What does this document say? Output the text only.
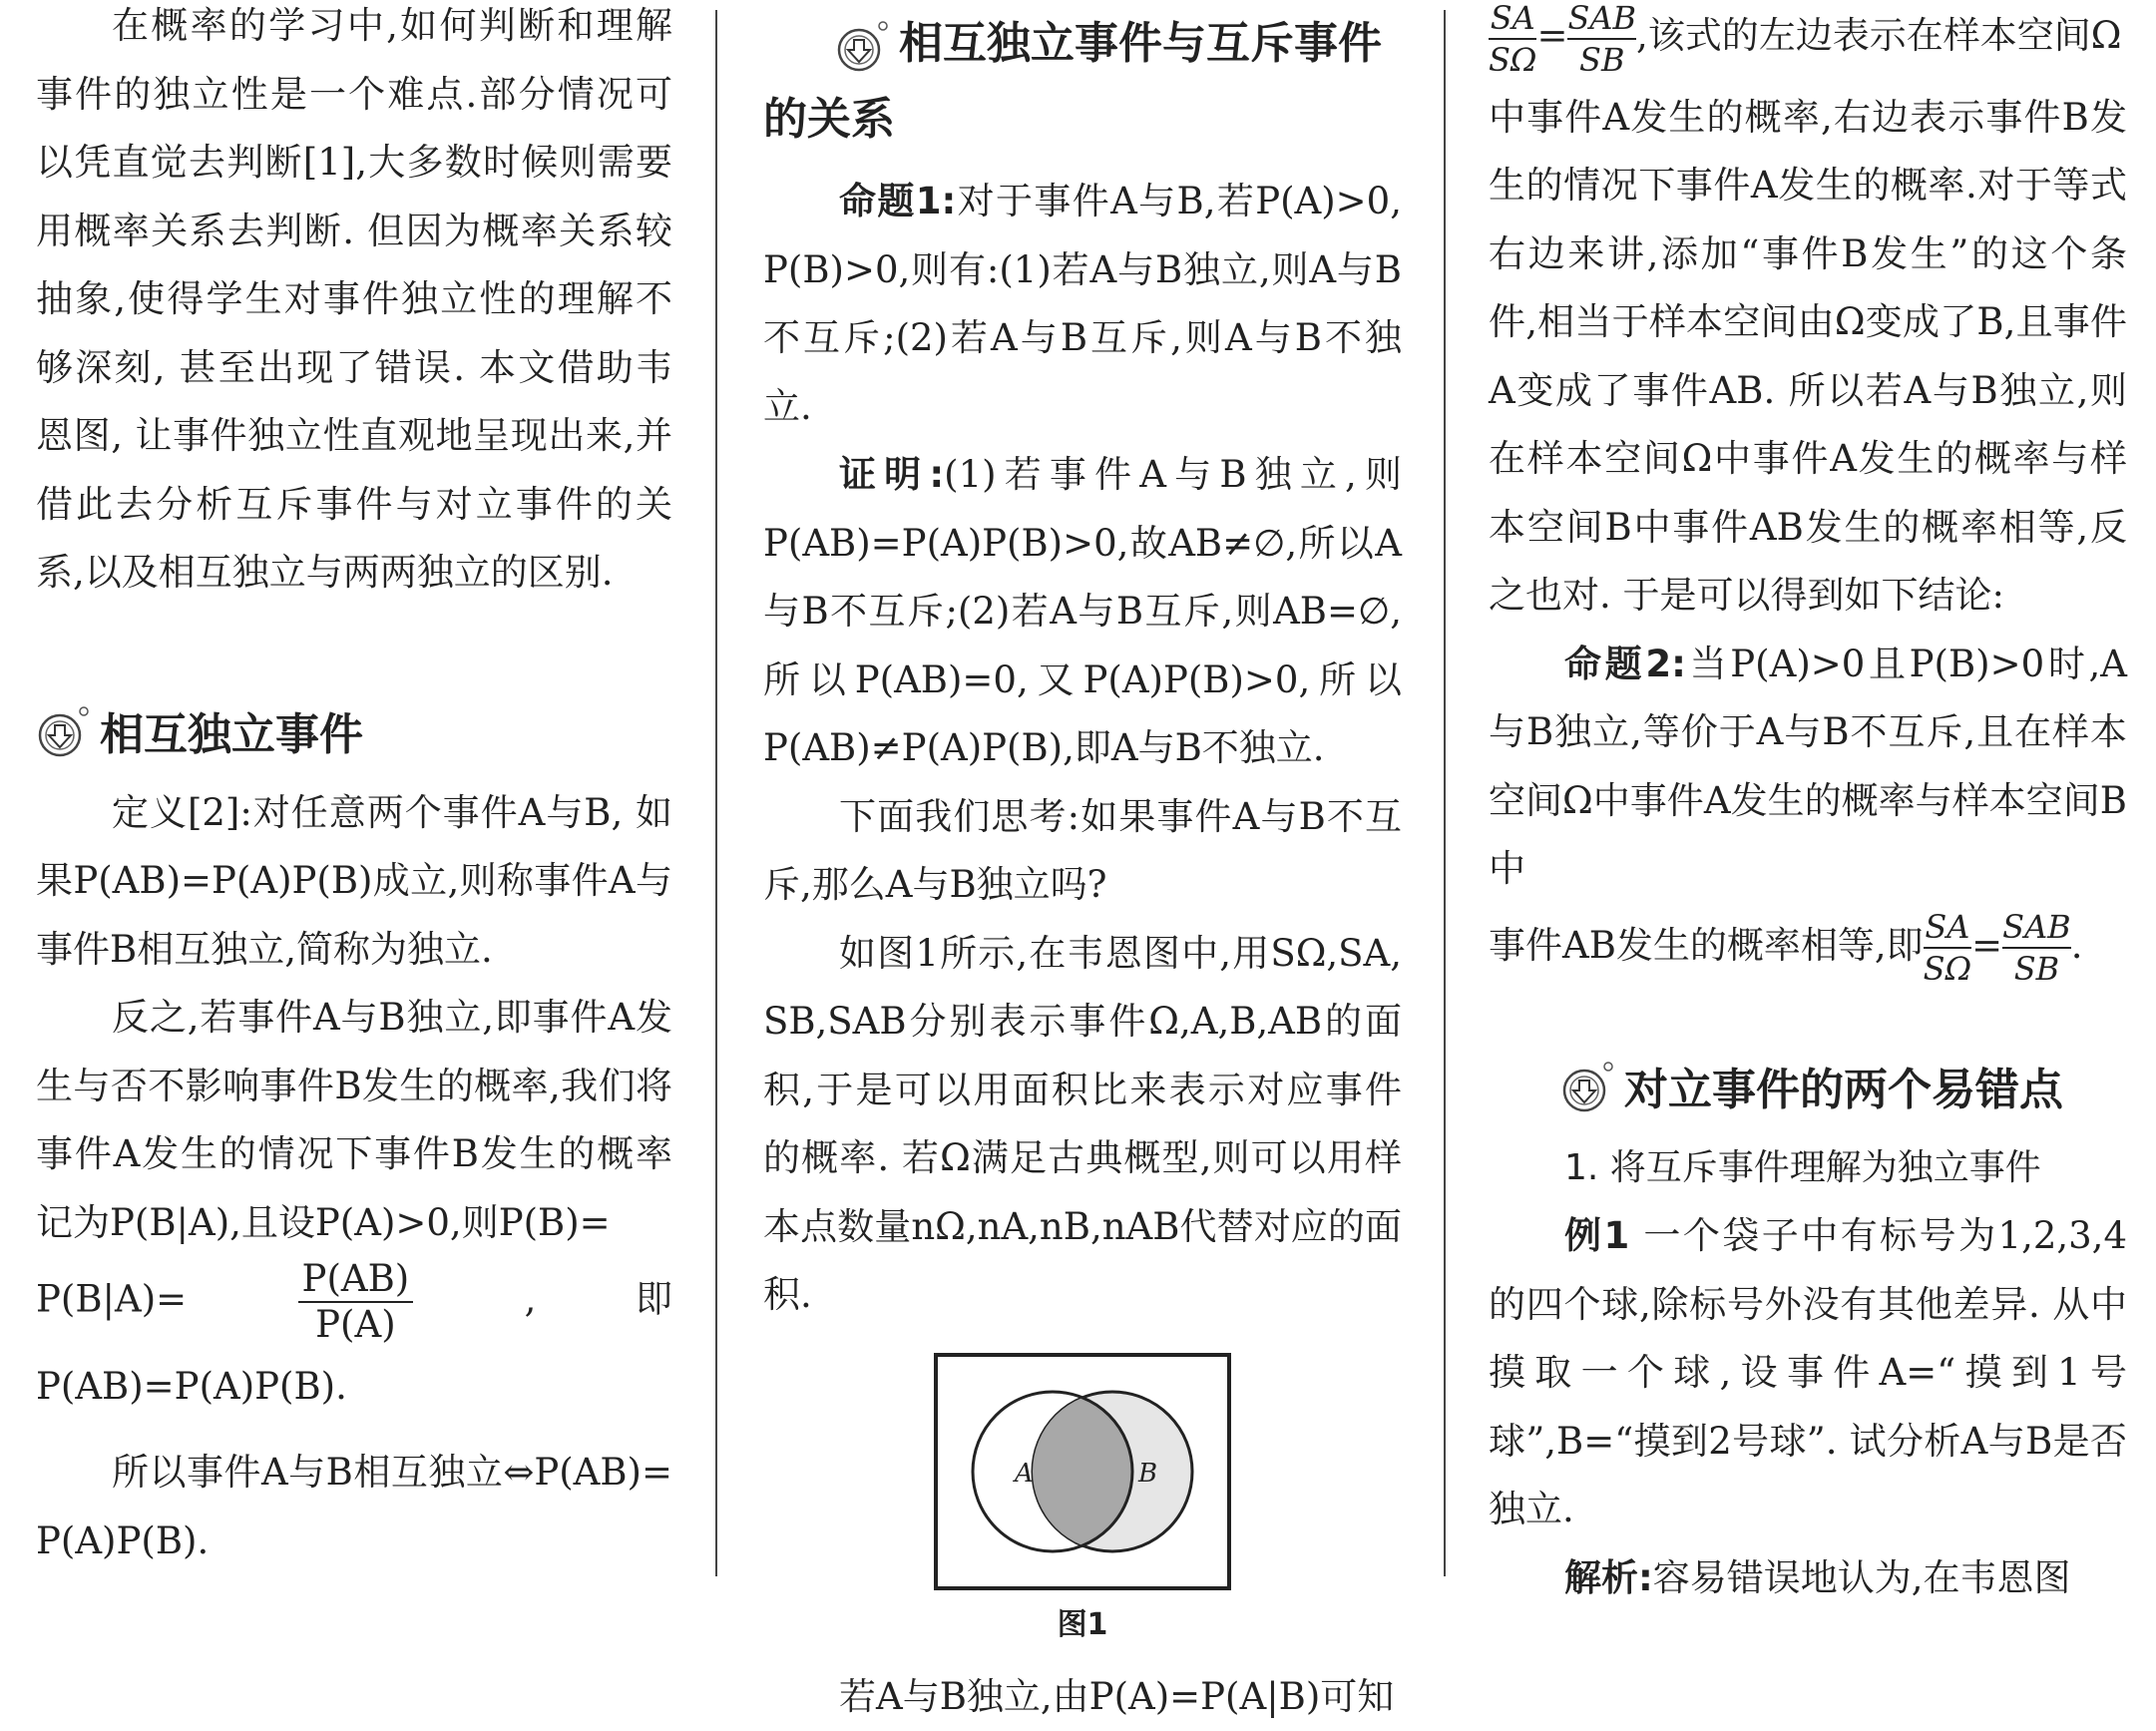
在概率的学习中,如何判断和理解事件的独立性是一个难点.部分情况可以凭直觉去判断[1],大多数时候则需要用概率关系去判断. 但因为概率关系较抽象,使得学生对事件独立性的理解不够深刻, 甚至出现了错误. 本文借助韦恩图, 让事件独立性直观地呈现出来,并借此去分析互斥事件与对立事件的关系,以及相互独立与两两独立的区别.

相互独立事件

定义[2]:对任意两个事件A与B, 如果P(AB)=P(A)P(B)成立,则称事件A与事件B相互独立,简称为独立.

反之,若事件A与B独立,即事件A发生与否不影响事件B发生的概率,我们将事件A发生的情况下事件B发生的概率记为P(B|A),且设P(A)>0,则P(B)=

P(B|A)=	$\frac{P(AB)}{P(A)}$	,即P(AB)=P(A)P(B).

所以事件A与B相互独立⇔P(AB)= P(A)P(B).

相互独立事件与互斥事件的关系

命题1:对于事件A与B,若P(A)>0, P(B)>0,则有:(1)若A与B独立,则A与B不互斥;(2)若A与B互斥,则A与B不独立.

证明:(1)若事件A与B独立,则P(AB)=P(A)P(B)>0,故AB≠∅,所以A与B不互斥;(2)若A与B互斥,则AB=∅,所以P(AB)=0,又P(A)P(B)>0,所以P(AB)≠P(A)P(B),即A与B不独立.

下面我们思考:如果事件A与B不互斥,那么A与B独立吗?

如图1所示,在韦恩图中,用SΩ,SA, SB,SAB分别表示事件Ω,A,B,AB的面积,于是可以用面积比来表示对应事件的概率. 若Ω满足古典概型,则可以用样本点数量nΩ,nA,nB,nAB代替对应的面积.

A	B
图1

若A与B独立,由P(A)=P(A|B)可知

$\frac{SA}{S\Omega}$ = SAB
SB
,该式的左边表示在样本空间Ω

中事件A发生的概率,右边表示事件B发生的情况下事件A发生的概率.对于等式右边来讲,添加“事件B发生”的这个条件,相当于样本空间由Ω变成了B,且事件A变成了事件AB. 所以若A与B独立,则在样本空间Ω中事件A发生的概率与样本空间B中事件AB发生的概率相等,反之也对. 于是可以得到如下结论:

命题2:当P(A)>0且P(B)>0时,A与B独立,等价于A与B不互斥,且在样本空间Ω中事件A发生的概率与样本空间B中

事件AB发生的概率相等,即 $\frac{SA}{S\Omega}$ = SAB
SB
.

对立事件的两个易错点

1. 将互斥事件理解为独立事件

例1 一个袋子中有标号为1,2,3,4的四个球,除标号外没有其他差异. 从中摸取一个球,设事件A=“摸到1号球”,B=“摸到2号球”. 试分析A与B是否独立.

解析:容易错误地认为,在韦恩图
